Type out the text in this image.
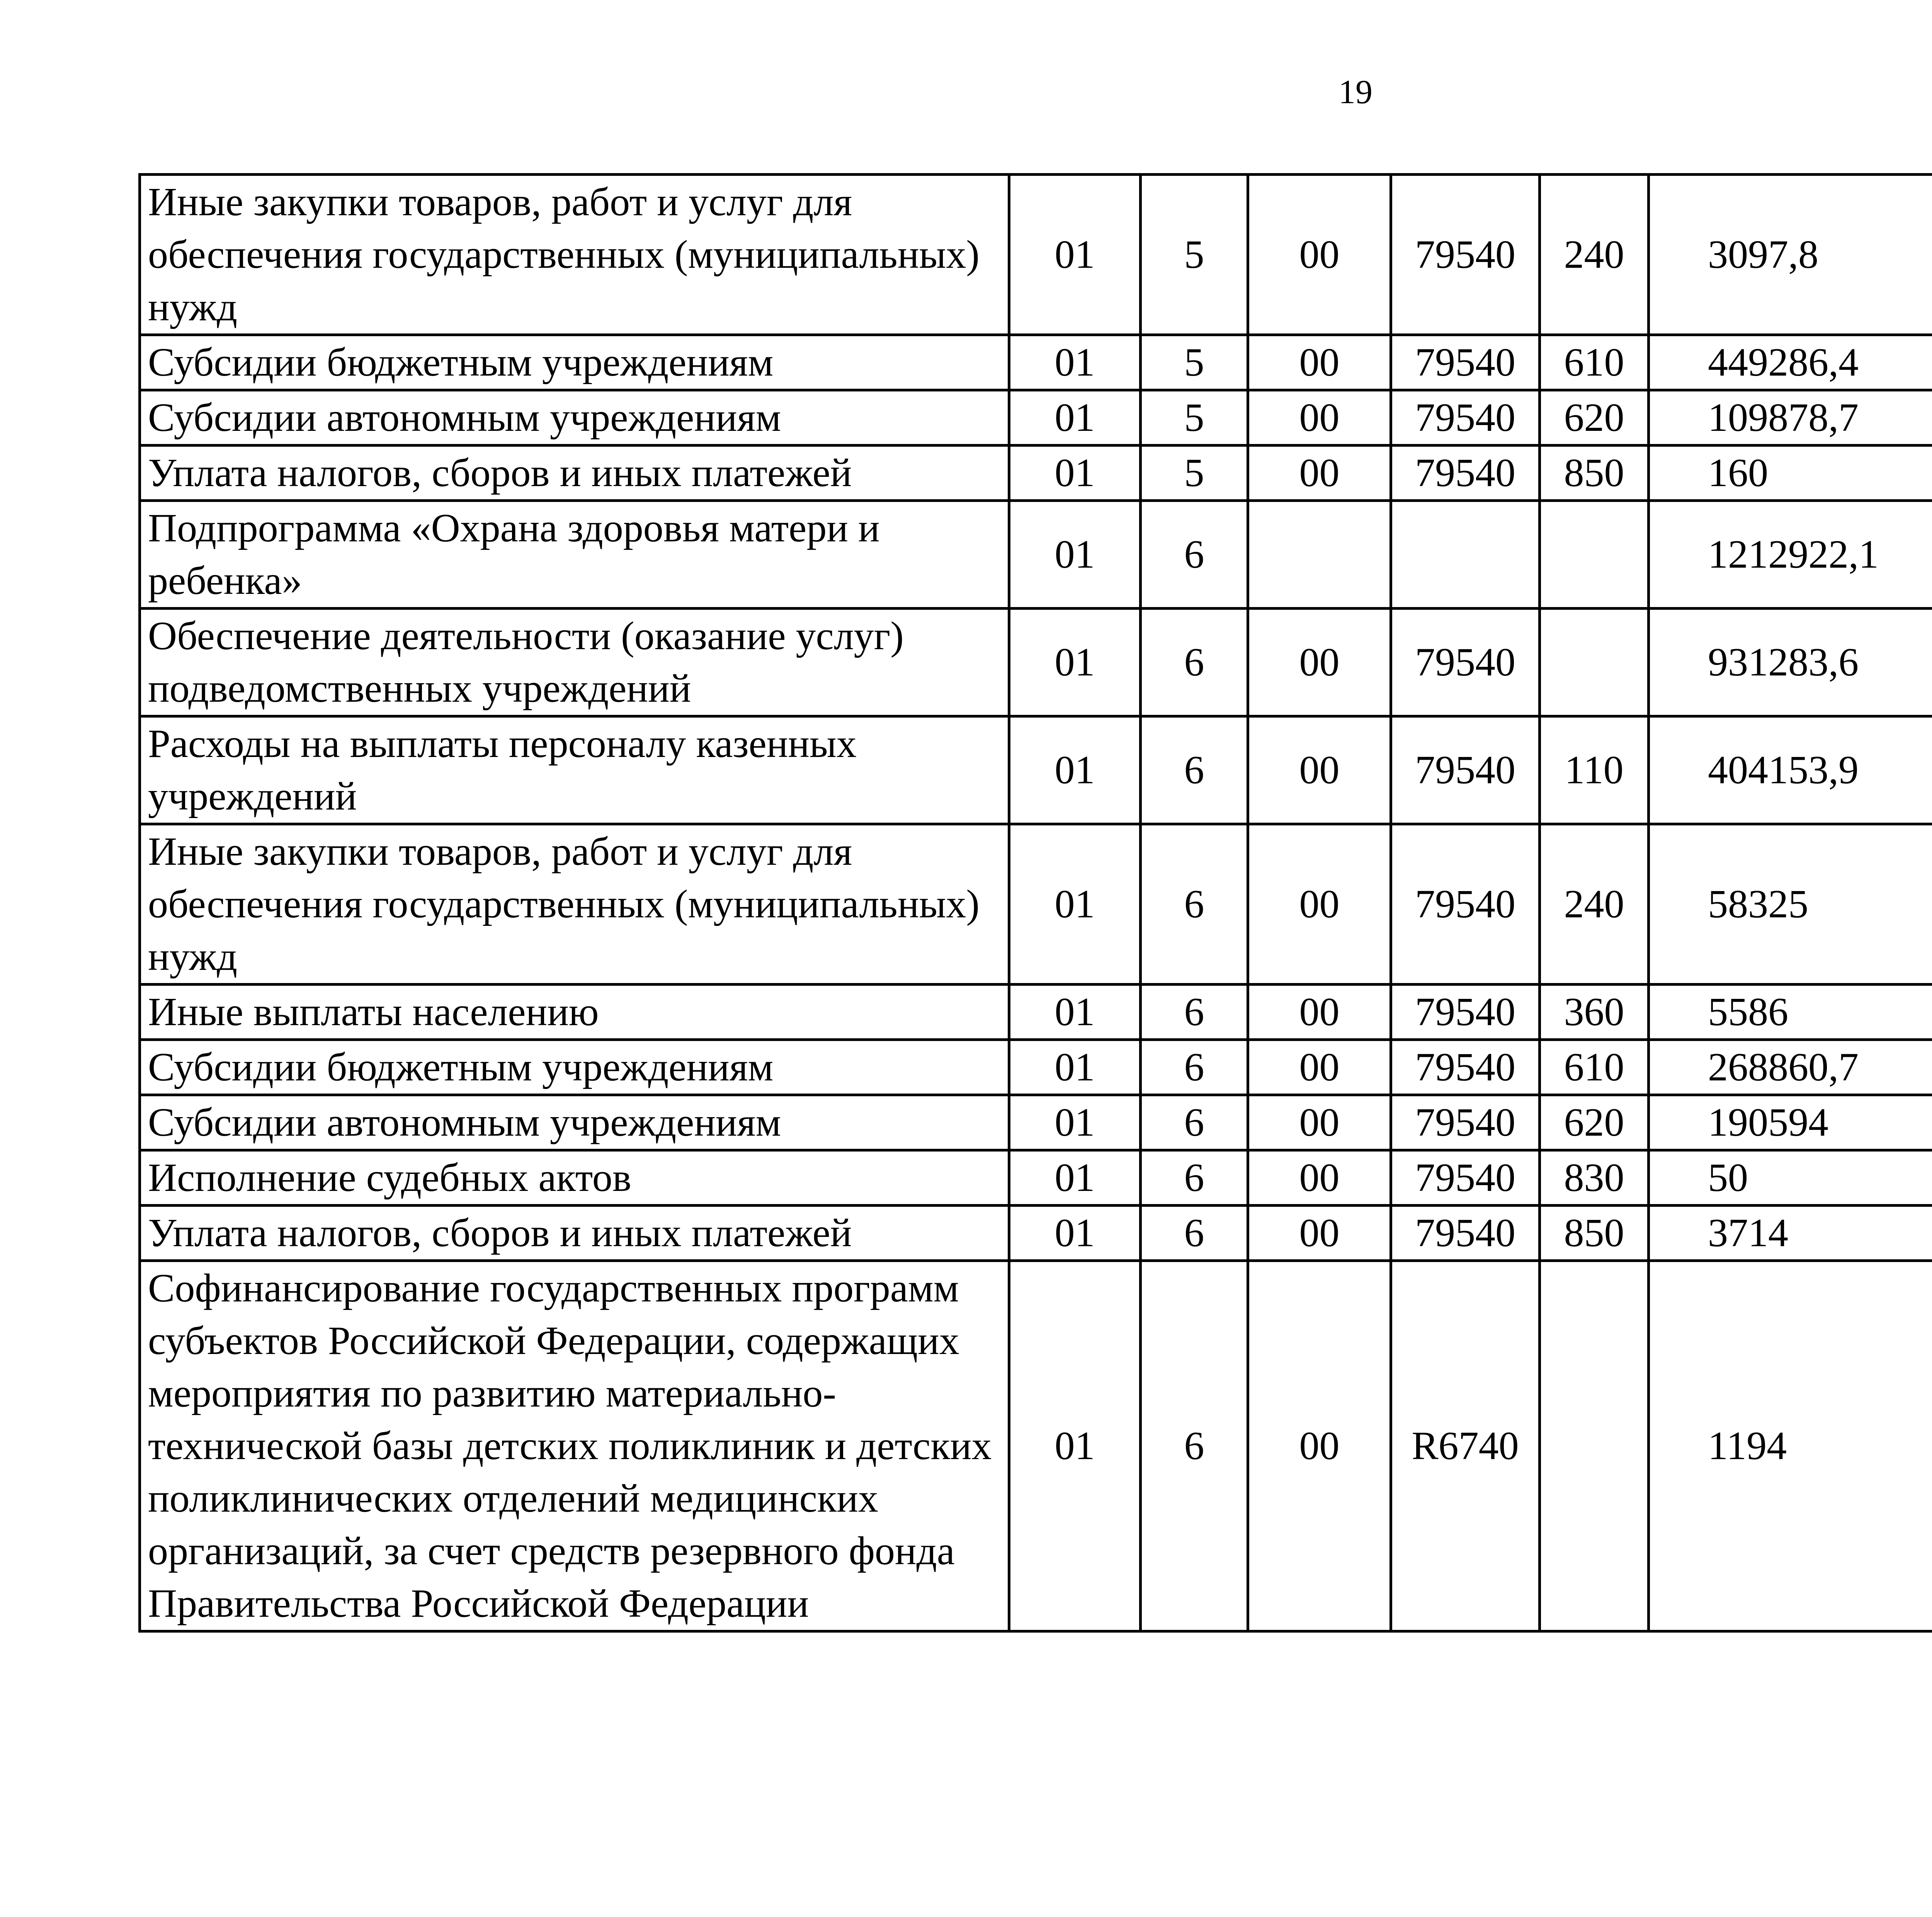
19
Иные закупки товаров, работ и услуг для обеспечения государственных (муниципальных) нужд	01	5	00	79540	240	3097,8		
Субсидии бюджетным учреждениям	01	5	00	79540	610	449286,4		
Субсидии автономным учреждениям	01	5	00	79540	620	109878,7		
Уплата налогов, сборов и иных платежей	01	5	00	79540	850	160		
Подпрограмма «Охрана здоровья матери и ребенка»	01	6				1212922,1		
Обеспечение деятельности (оказание услуг) подведомственных учреждений	01	6	00	79540		931283,6		
Расходы на выплаты персоналу казенных учреждений	01	6	00	79540	110	404153,9		
Иные закупки товаров, работ и услуг для обеспечения государственных (муниципальных) нужд	01	6	00	79540	240	58325		
Иные выплаты населению	01	6	00	79540	360	5586		
Субсидии бюджетным учреждениям	01	6	00	79540	610	268860,7		
Субсидии автономным учреждениям	01	6	00	79540	620	190594		
Исполнение судебных актов	01	6	00	79540	830	50		
Уплата налогов, сборов и иных платежей	01	6	00	79540	850	3714		
Софинансирование государственных программ субъектов Российской Федерации, содержащих мероприятия по развитию материально-технической базы детских поликлиник и детских поликлинических отделений медицинских организаций, за счет средств резервного фонда Правительства Российской Федерации	01	6	00	R6740		1194		
